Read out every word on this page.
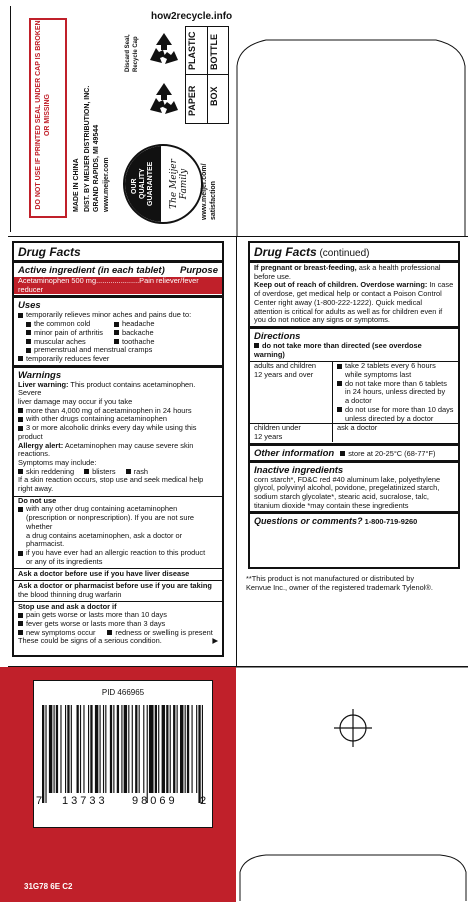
DO NOT USE IF PRINTED SEAL UNDER CAP IS BROKEN OR MISSING
MADE IN CHINA DIST. BY MEIJER DISTRIBUTION, INC. GRAND RAPIDS, MI 49544 www.meijer.com	OUR QUALITY GUARANTEE The Meijer Family www.meijer.com/ satisfaction
how2recycle.info
PLASTIC BOTTLE
PAPER BOX
Discard Seal, Recycle Cap
Drug Facts
Active ingredient (in each tablet) Purpose
Acetaminophen 500 mg.....................Pain reliever/fever reducer
Uses
temporarily relieves minor aches and pains due to:
the common cold
minor pain of arthritis
muscular aches
headache
backache
toothache
premenstrual and menstrual cramps
temporarily reduces fever
Warnings
Liver warning: This product contains acetaminophen. Severe
liver damage may occur if you take
more than 4,000 mg of acetaminophen in 24 hours
with other drugs containing acetaminophen
3 or more alcoholic drinks every day while using this product
Allergy alert: Acetaminophen may cause severe skin reactions.
Symptoms may include:
skin reddening blisters rash
If a skin reaction occurs, stop use and seek medical help
right away.
Do not use
with any other drug containing acetaminophen
(prescription or nonprescription). If you are not sure whether
a drug contains acetaminophen, ask a doctor or pharmacist.
if you have ever had an allergic reaction to this product
or any of its ingredients
Ask a doctor before use if you have liver disease
Ask a doctor or pharmacist before use if you are taking
the blood thinning drug warfarin
Stop use and ask a doctor if
pain gets worse or lasts more than 10 days
fever gets worse or lasts more than 3 days
new symptoms occur	redness or swelling is present
These could be signs of a serious condition.	▶
Drug Facts (continued)
If pregnant or breast-feeding, ask a health professional
before use.
Keep out of reach of children. Overdose warning: In case
of overdose, get medical help or contact a Poison Control
Center right away (1-800-222-1222). Quick medical
attention is critical for adults as well as for children even if
you do not notice any signs or symptoms.
Directions
do not take more than directed (see overdose warning)
adults and children
12 years and over
take 2 tablets every 6 hours
while symptoms last
do not take more than 6 tablets
in 24 hours, unless directed by
a doctor
do not use for more than 10 days
unless directed by a doctor
children under
12 years
ask a doctor
Other information	store at 20-25°C (68-77°F)
Inactive ingredients
corn starch*, FD&C red #40 aluminum lake, polyethylene
glycol, polyvinyl alcohol, povidone, pregelatinized starch,
sodium starch glycolate*, stearic acid, sucralose, talc,
titanium dioxide *may contain these ingredients
Questions or comments? 1-800-719-9260
**This product is not manufactured or distributed by
Kenvue Inc., owner of the registered trademark Tylenol®.
PID 466965
7 13733 98069 2
31G78 6E C2
